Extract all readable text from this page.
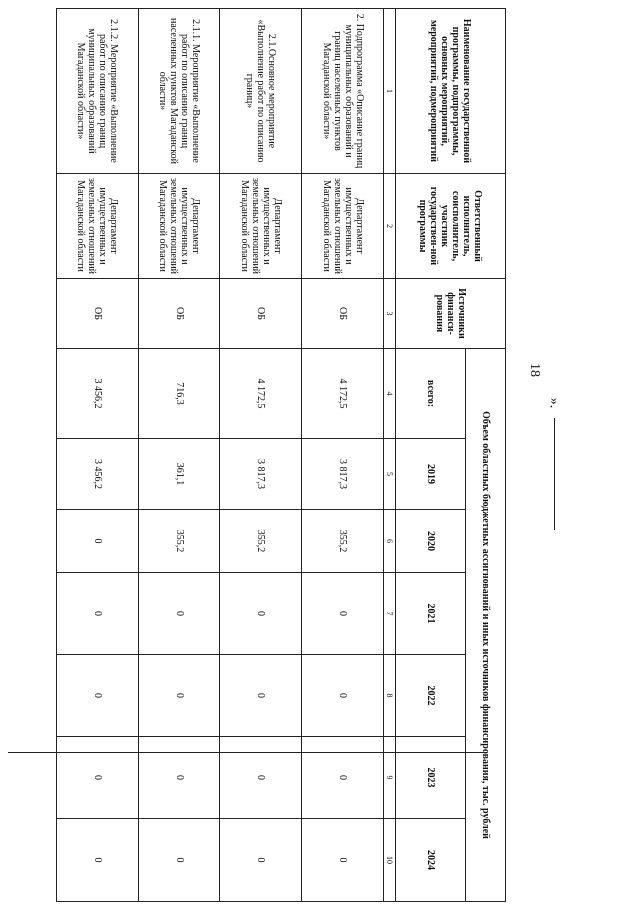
18
Наименование государственной программы, подпрограммы, основных мероприятий, мероприятий, подмероприятий	Ответственный исполнитель, соисполнитель, участник государствен-ной программы	Источники финанси-рования	Объем областных бюджетных ассигнований и иных источников финансирования, тыс. рублей						
			всего:	2019	2020	2021	2022	2023	2024
1	2	3	4	5	6	7	8	9	10
2. Подпрограмма «Описание границ муниципальных образований и границ населенных пунктов Магаданской области»	Департамент имущественных и земельных отношений Магаданской области	ОБ	4 172,5	3 817,3	355,2	0	0	0	0
2.1.Основное мероприятие «Выполнение работ по описанию границ»	Департамент имущественных и земельных отношений Магаданской области	ОБ	4 172,5	3 817,3	355,2	0	0	0	0
2.1.1. Мероприятие «Выполнение работ по описанию границ населенных пунктов Магаданской области»	Департамент имущественных и земельных отношений Магаданской области	ОБ	716,3	361,1	355,2	0	0	0	0
2.1.2. Мероприятие «Выполнение работ по описанию границ муниципальных образований Магаданской области»	Департамент имущественных и земельных отношений Магаданской области	ОБ	3 456,2	3 456,2	0	0	0	0	0
».
